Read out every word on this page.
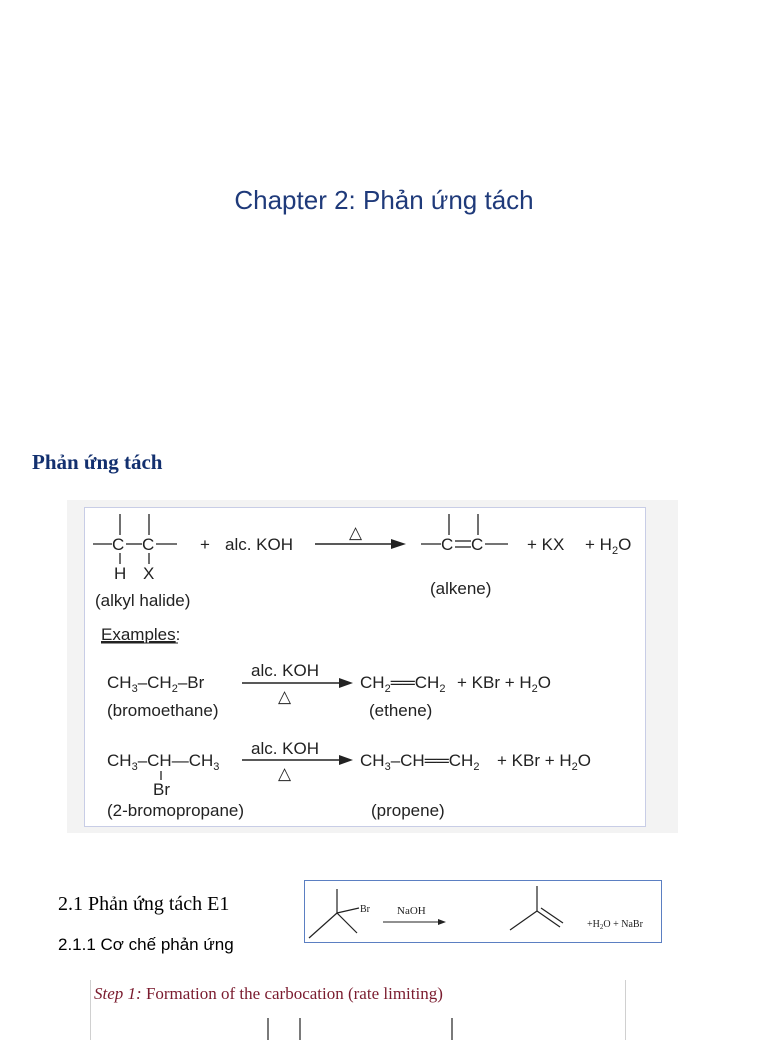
Chapter 2: Phản ứng tách
Phản ứng tách
C C
H X
+ alc. KOH
△
C C	+ KX + $H_2O$
(alkyl halide)
(alkene)
Examples:
$CH_3-CH_2-Br$
alc. KOH
△
$CH_2══CH_2$ + KBr + $H_2O$
(bromoethane)	(ethene)
$CH_3-CH—CH_3$
Br
alc. KOH
△
$CH_3-CH══CH_2$ + KBr + $H_2O$
(2-bromopropane)	(propene)
2.1 Phản ứng tách E1
2.1.1 Cơ chế phản ứng
Br NaOH
$+H_2O$ + NaBr
Step 1: Formation of the carbocation (rate limiting)
